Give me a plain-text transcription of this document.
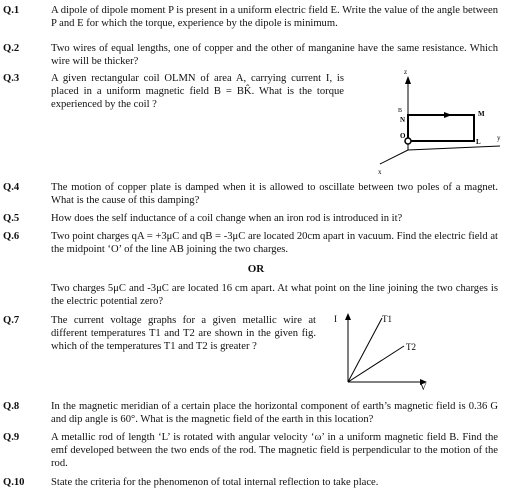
Q.1	A dipole of dipole moment P is present in a uniform electric field E. Write the value of the angle between P and E for which the torque, experience by the dipole is minimum.
Q.2	Two wires of equal lengths, one of copper and the other of manganine have the same resistance. Which wire will be thicker?
Q.3	A given rectangular coil OLMN of area A, carrying current I, is placed in a uniform magnetic field B = BK̂. What is the torque experienced by the coil ?
z
y
x
B
N
M
O
L
Q.4	The motion of copper plate is damped when it is allowed to oscillate between two poles of a magnet. What is the cause of this damping?
Q.5	How does the self inductance of a coil change when an iron rod is introduced in it?
Q.6	Two point charges qA = +3μC and qB = -3μC are located 20cm apart in vacuum. Find the electric field at the midpoint ‘O’ of the line AB joining the two charges.
OR
Two charges 5μC and -3μC are located 16 cm apart. At what point on the line joining the two charges is the electric potential zero?
Q.7	The current voltage graphs for a given metallic wire at different temperatures T1 and T2 are shown in the given fig. which of the temperatures T1 and T2 is greater ?
I	T1
T2
V
Q.8	In the magnetic meridian of a certain place the horizontal component of earth’s magnetic field is 0.36 G and dip angle is 60°. What is the magnetic field of the earth in this location?
Q.9	A metallic rod of length ‘L’ is rotated with angular velocity ‘ω’ in a uniform magnetic field B. Find the emf developed between the two ends of the rod. The magnetic field is perpendicular to the motion of the rod.
Q.10	State the criteria for the phenomenon of total internal reflection to take place.
